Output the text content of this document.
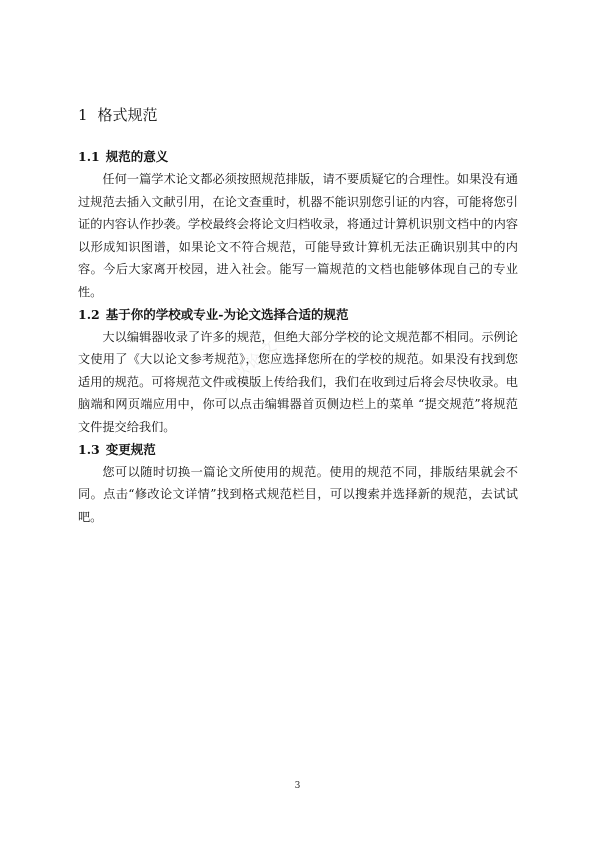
1 格式规范
1.1 规范的意义

任何一篇学术论文都必须按照规范排版，请不要质疑它的合理性。如果没有通过规范去插入文献引用，在论文查重时，机器不能识别您引证的内容，可能将您引证的内容认作抄袭。学校最终会将论文归档收录，将通过计算机识别文档中的内容以形成知识图谱，如果论文不符合规范，可能导致计算机无法正确识别其中的内容。今后大家离开校园，进入社会。能写一篇规范的文档也能够体现自己的专业性。

1.2 基于你的学校或专业-为论文选择合适的规范

大以编辑器收录了许多的规范，但绝大部分学校的论文规范都不相同。示例论文使用了《大以论文参考规范》，您应选择您所在的学校的规范。如果没有找到您适用的规范。可将规范文件或模版上传给我们，我们在收到过后将会尽快收录。电脑端和网页端应用中，你可以点击编辑器首页侧边栏上的菜单 “提交规范”将规范文件提交给我们。

1.3 变更规范

您可以随时切换一篇论文所使用的规范。使用的规范不同，排版结果就会不同。点击“修改论文详情”找到格式规范栏目，可以搜索并选择新的规范，去试试吧。

大以论文
3
